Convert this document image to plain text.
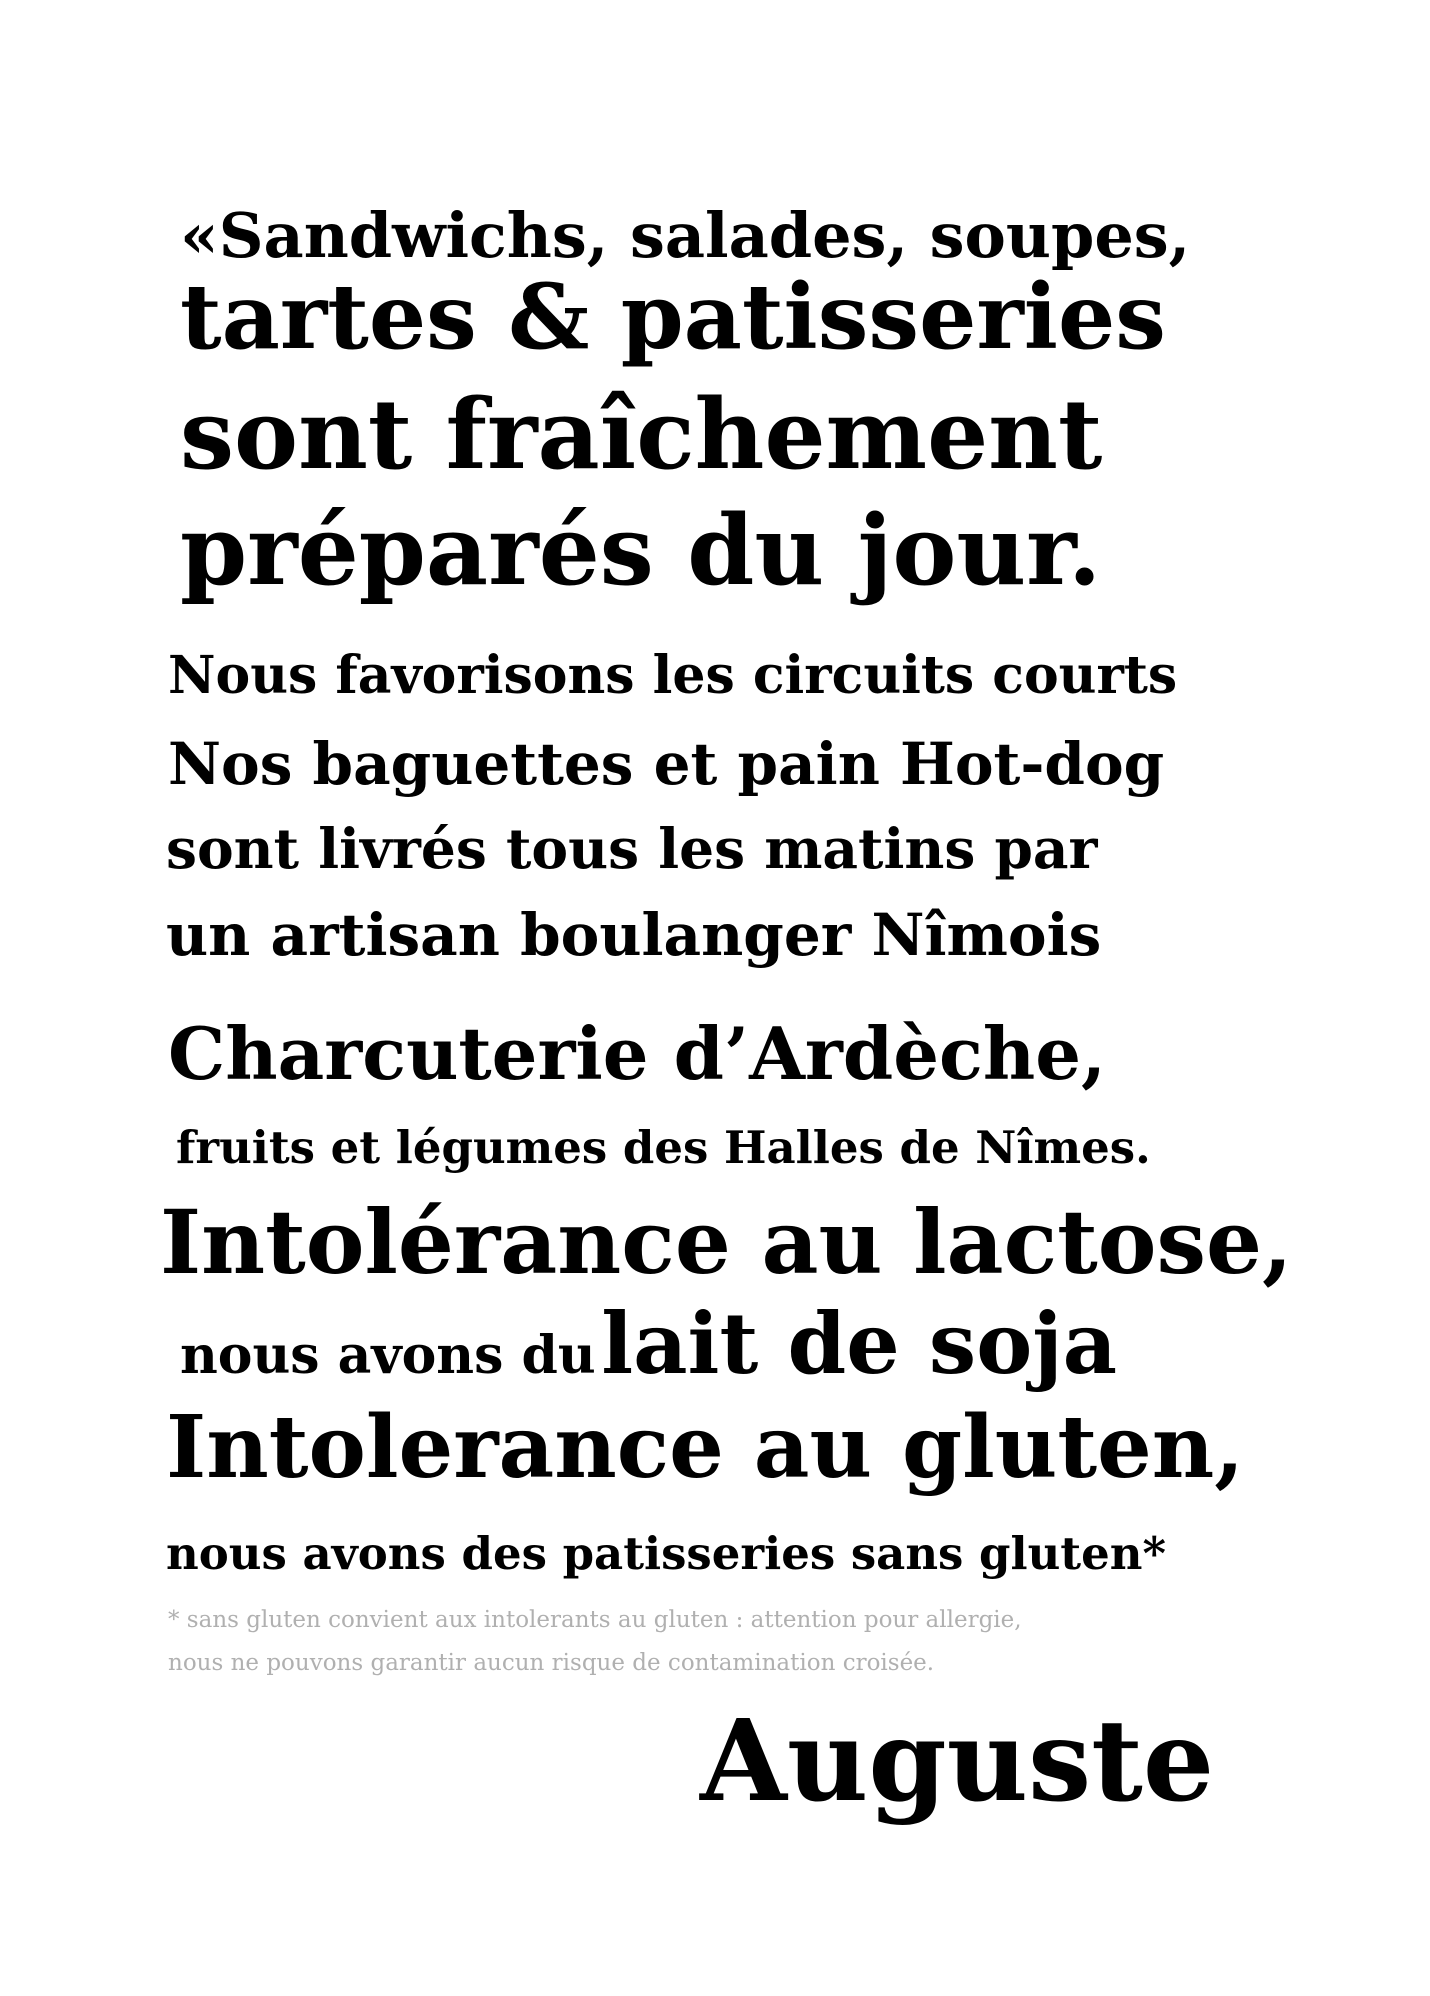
«Sandwichs, salades, soupes,
tartes & patisseries
sont fraîchement
préparés du jour.
Nous favorisons les circuits courts
Nos baguettes et pain Hot-dog
sont livrés tous les matins par
un artisan boulanger Nîmois
Charcuterie d’Ardèche,
fruits et légumes des Halles de Nîmes.
Intolérance au lactose,
nous avons du lait de soja
Intolerance au gluten,
nous avons des patisseries sans gluten*
* sans gluten convient aux intolerants au gluten : attention pour allergie,
nous ne pouvons garantir aucun risque de contamination croisée.
Auguste
